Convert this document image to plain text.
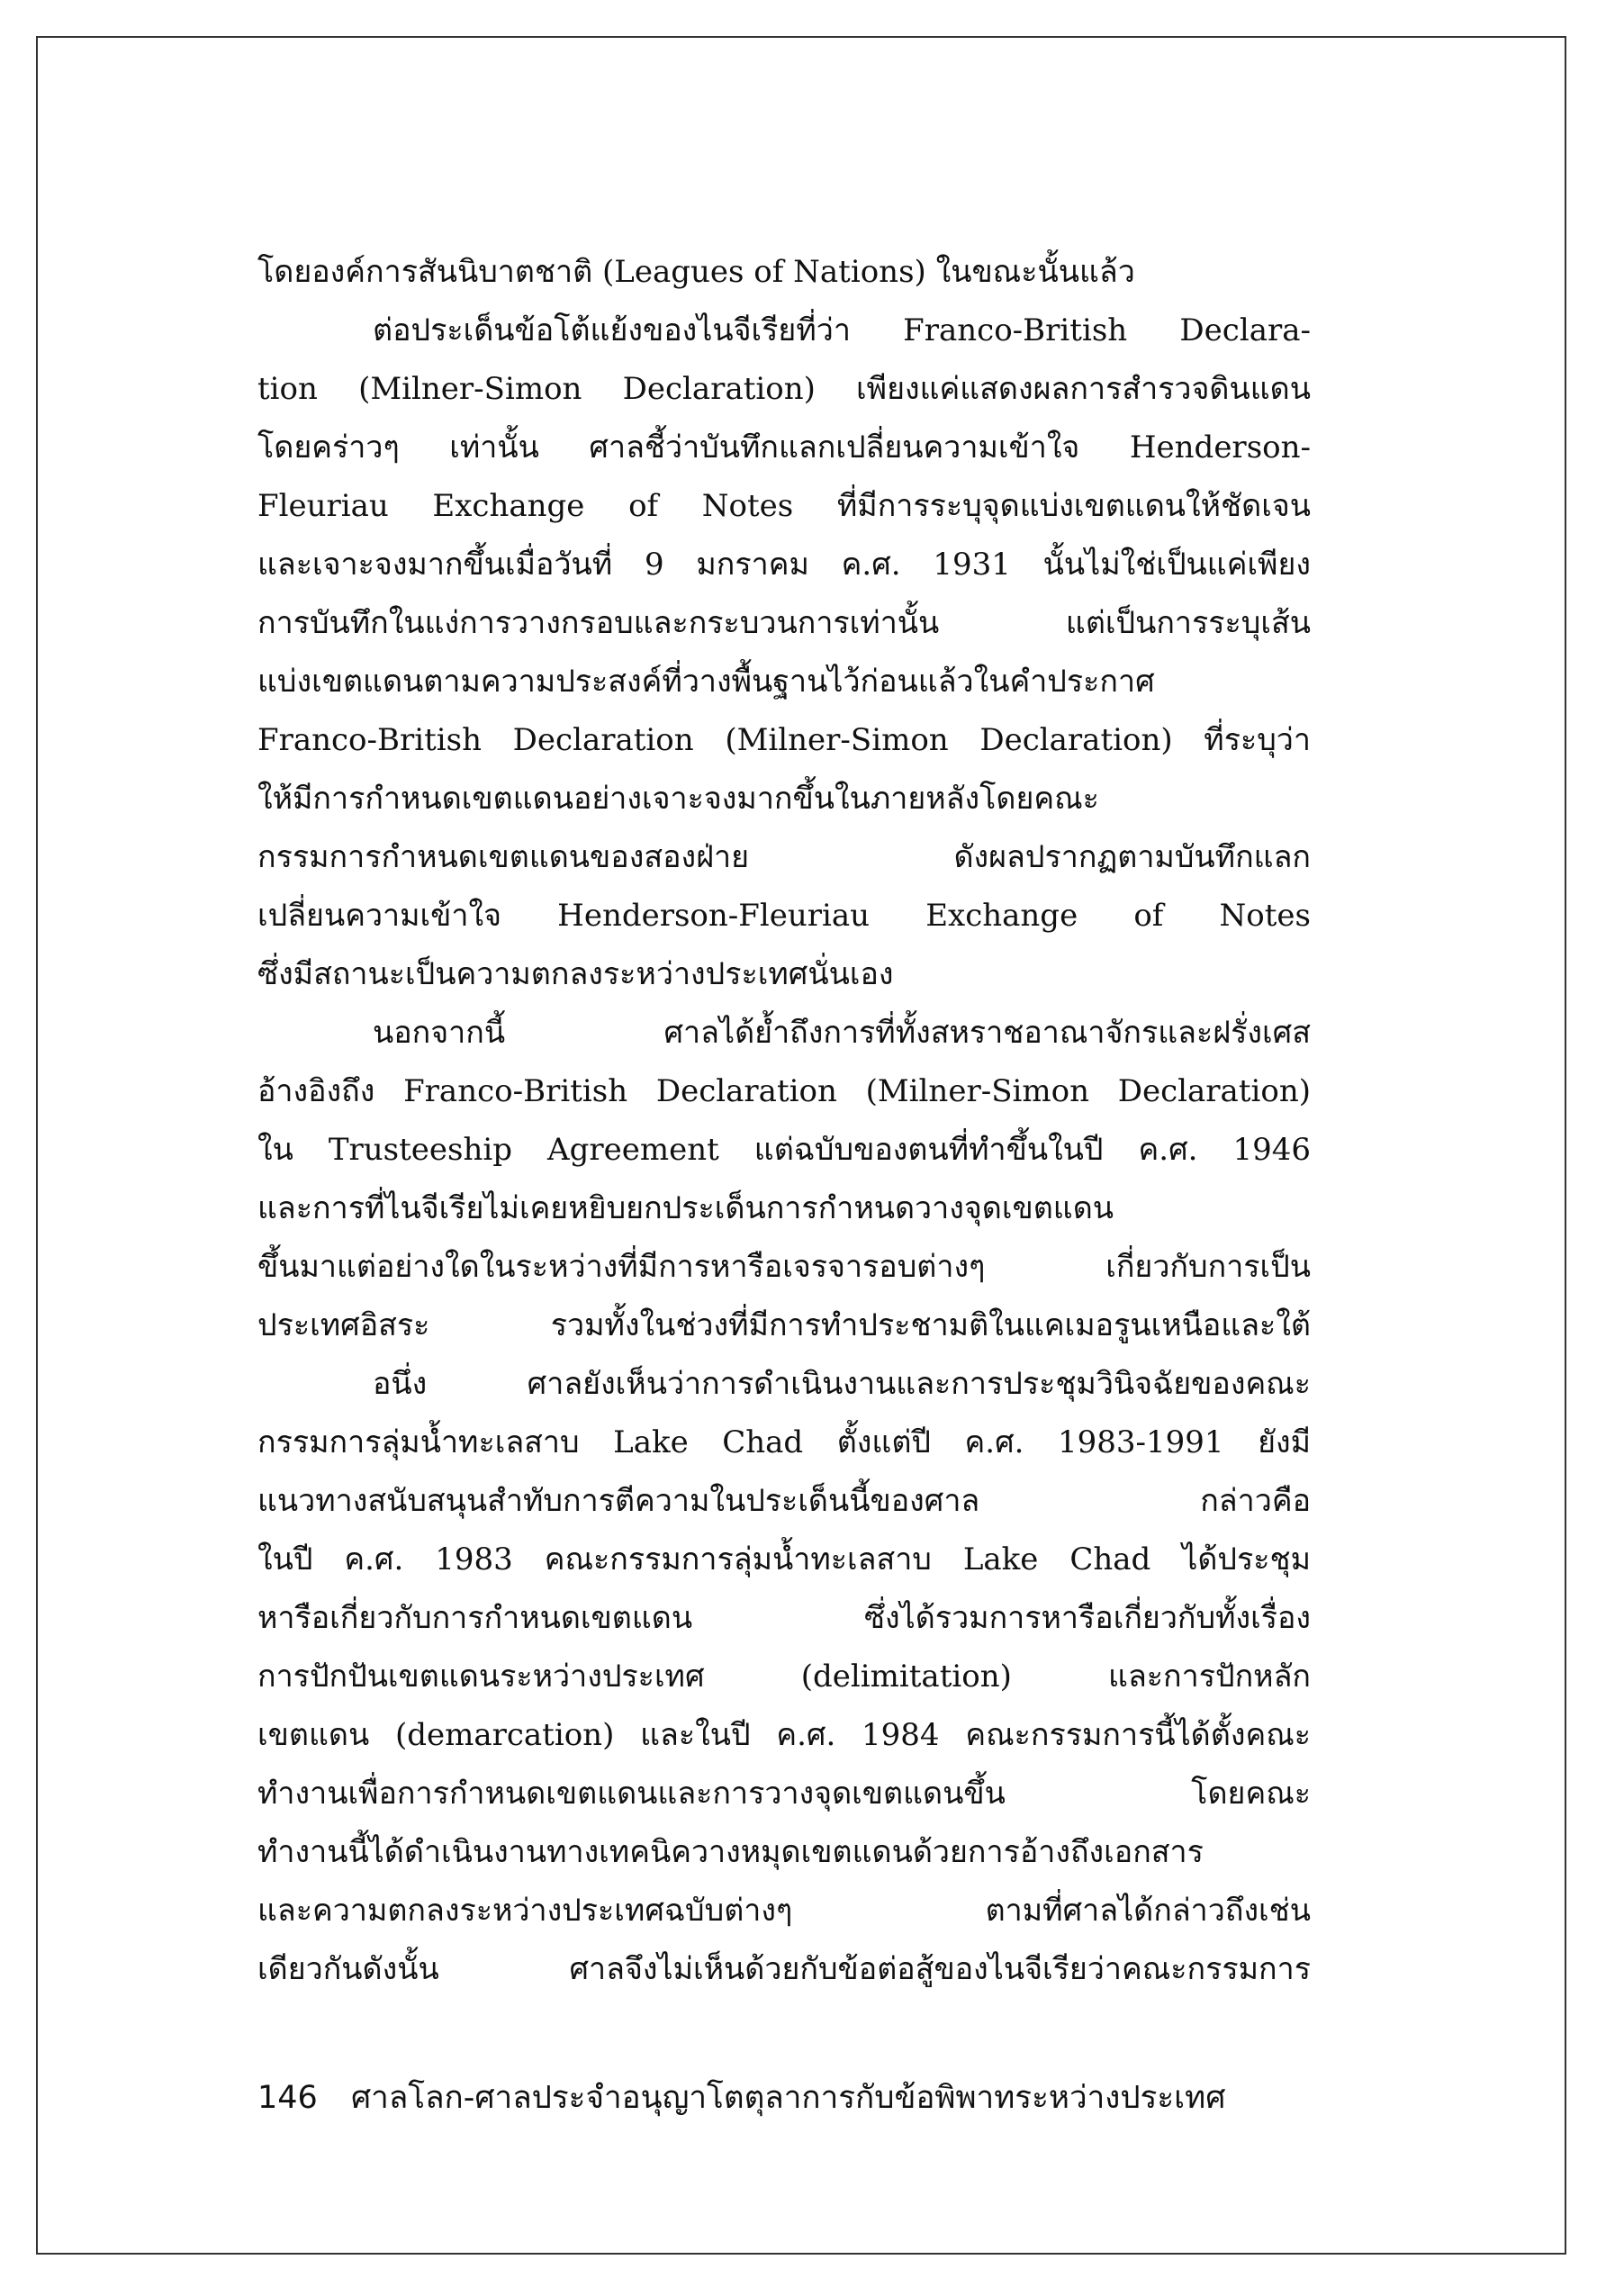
โดยองค์การสันนิบาตชาติ (Leagues of Nations) ในขณะนั้นแล้ว
ต่อประเด็นข้อโต้แย้งของไนจีเรียที่ว่า Franco-British Declara-
tion (Milner-Simon Declaration) เพียงแค่แสดงผลการสำรวจดินแดน
โดยคร่าวๆ เท่านั้น ศาลชี้ว่าบันทึกแลกเปลี่ยนความเข้าใจ Henderson-
Fleuriau Exchange of Notes ที่มีการระบุจุดแบ่งเขตแดนให้ชัดเจน
และเจาะจงมากขึ้นเมื่อวันที่ 9 มกราคม ค.ศ. 1931 นั้นไม่ใช่เป็นแค่เพียง
การบันทึกในแง่การวางกรอบและกระบวนการเท่านั้น แต่เป็นการระบุเส้น
แบ่งเขตแดนตามความประสงค์ที่วางพื้นฐานไว้ก่อนแล้วในคำประกาศ
Franco-British Declaration (Milner-Simon Declaration) ที่ระบุว่า
ให้มีการกำหนดเขตแดนอย่างเจาะจงมากขึ้นในภายหลังโดยคณะ
กรรมการกำหนดเขตแดนของสองฝ่าย ดังผลปรากฏตามบันทึกแลก
เปลี่ยนความเข้าใจ Henderson-Fleuriau Exchange of Notes
ซึ่งมีสถานะเป็นความตกลงระหว่างประเทศนั่นเอง
นอกจากนี้ ศาลได้ย้ำถึงการที่ทั้งสหราชอาณาจักรและฝรั่งเศส
อ้างอิงถึง Franco-British Declaration (Milner-Simon Declaration)
ใน Trusteeship Agreement แต่ฉบับของตนที่ทำขึ้นในปี ค.ศ. 1946
และการที่ไนจีเรียไม่เคยหยิบยกประเด็นการกำหนดวางจุดเขตแดน
ขึ้นมาแต่อย่างใดในระหว่างที่มีการหารือเจรจารอบต่างๆ เกี่ยวกับการเป็น
ประเทศอิสระ รวมทั้งในช่วงที่มีการทำประชามติในแคเมอรูนเหนือและใต้
อนึ่ง ศาลยังเห็นว่าการดำเนินงานและการประชุมวินิจฉัยของคณะ
กรรมการลุ่มน้ำทะเลสาบ Lake Chad ตั้งแต่ปี ค.ศ. 1983-1991 ยังมี
แนวทางสนับสนุนสำทับการตีความในประเด็นนี้ของศาล กล่าวคือ
ในปี ค.ศ. 1983 คณะกรรมการลุ่มน้ำทะเลสาบ Lake Chad ได้ประชุม
หารือเกี่ยวกับการกำหนดเขตแดน ซึ่งได้รวมการหารือเกี่ยวกับทั้งเรื่อง
การปักปันเขตแดนระหว่างประเทศ (delimitation) และการปักหลัก
เขตแดน (demarcation) และในปี ค.ศ. 1984 คณะกรรมการนี้ได้ตั้งคณะ
ทำงานเพื่อการกำหนดเขตแดนและการวางจุดเขตแดนขึ้น โดยคณะ
ทำงานนี้ได้ดำเนินงานทางเทคนิควางหมุดเขตแดนด้วยการอ้างถึงเอกสาร
และความตกลงระหว่างประเทศฉบับต่างๆ ตามที่ศาลได้กล่าวถึงเช่น
เดียวกันดังนั้น ศาลจึงไม่เห็นด้วยกับข้อต่อสู้ของไนจีเรียว่าคณะกรรมการ
146 ศาลโลก-ศาลประจำอนุญาโตตุลาการกับข้อพิพาทระหว่างประเทศ
